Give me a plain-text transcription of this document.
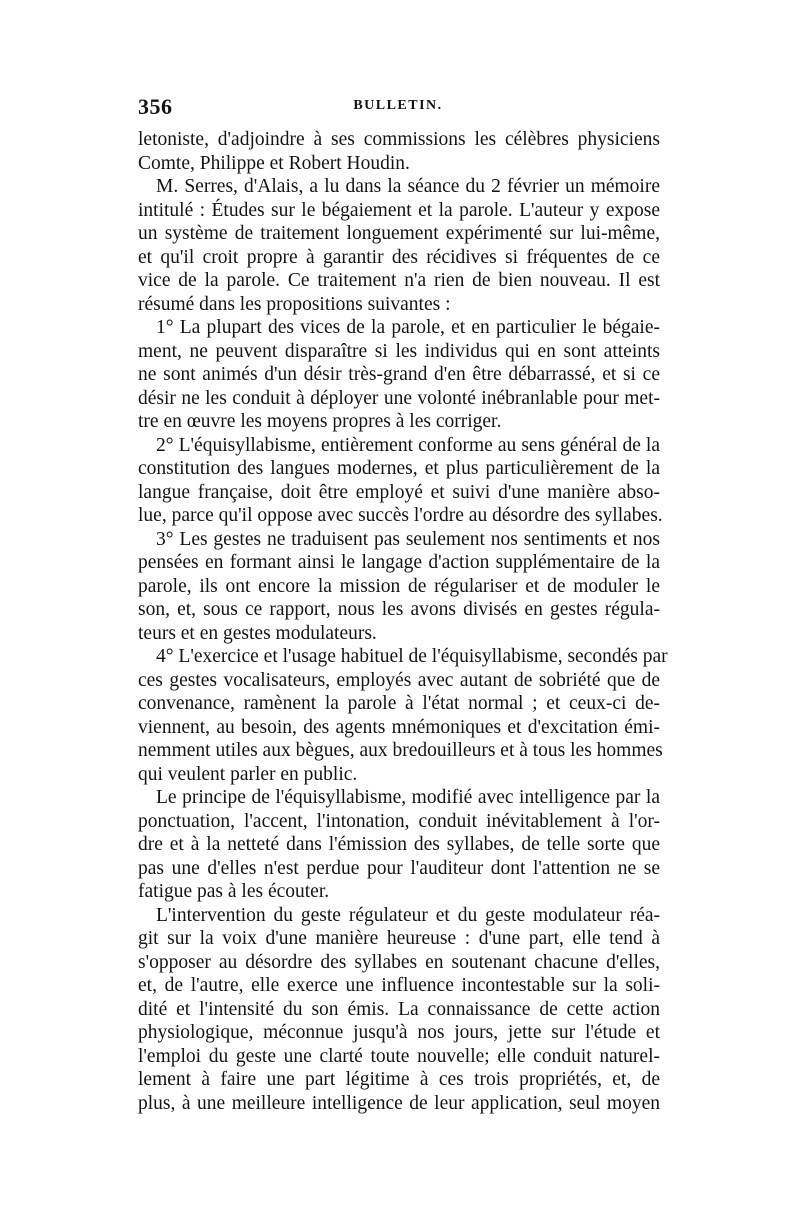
356	BULLETIN.
letoniste, d'adjoindre à ses commissions les célèbres physiciens
Comte, Philippe et Robert Houdin.
M. Serres, d'Alais, a lu dans la séance du 2 février un mémoire
intitulé : Études sur le bégaiement et la parole. L'auteur y expose
un système de traitement longuement expérimenté sur lui-même,
et qu'il croit propre à garantir des récidives si fréquentes de ce
vice de la parole. Ce traitement n'a rien de bien nouveau. Il est
résumé dans les propositions suivantes :
1° La plupart des vices de la parole, et en particulier le bégaie-
ment, ne peuvent disparaître si les individus qui en sont atteints
ne sont animés d'un désir très-grand d'en être débarrassé, et si ce
désir ne les conduit à déployer une volonté inébranlable pour met-
tre en œuvre les moyens propres à les corriger.
2° L'équisyllabisme, entièrement conforme au sens général de la
constitution des langues modernes, et plus particulièrement de la
langue française, doit être employé et suivi d'une manière abso-
lue, parce qu'il oppose avec succès l'ordre au désordre des syllabes.
3° Les gestes ne traduisent pas seulement nos sentiments et nos
pensées en formant ainsi le langage d'action supplémentaire de la
parole, ils ont encore la mission de régulariser et de moduler le
son, et, sous ce rapport, nous les avons divisés en gestes régula-
teurs et en gestes modulateurs.
4° L'exercice et l'usage habituel de l'équisyllabisme, secondés par
ces gestes vocalisateurs, employés avec autant de sobriété que de
convenance, ramènent la parole à l'état normal ; et ceux-ci de-
viennent, au besoin, des agents mnémoniques et d'excitation émi-
nemment utiles aux bègues, aux bredouilleurs et à tous les hommes
qui veulent parler en public.
Le principe de l'équisyllabisme, modifié avec intelligence par la
ponctuation, l'accent, l'intonation, conduit inévitablement à l'or-
dre et à la netteté dans l'émission des syllabes, de telle sorte que
pas une d'elles n'est perdue pour l'auditeur dont l'attention ne se
fatigue pas à les écouter.
L'intervention du geste régulateur et du geste modulateur réa-
git sur la voix d'une manière heureuse : d'une part, elle tend à
s'opposer au désordre des syllabes en soutenant chacune d'elles,
et, de l'autre, elle exerce une influence incontestable sur la soli-
dité et l'intensité du son émis. La connaissance de cette action
physiologique, méconnue jusqu'à nos jours, jette sur l'étude et
l'emploi du geste une clarté toute nouvelle; elle conduit naturel-
lement à faire une part légitime à ces trois propriétés, et, de
plus, à une meilleure intelligence de leur application, seul moyen
